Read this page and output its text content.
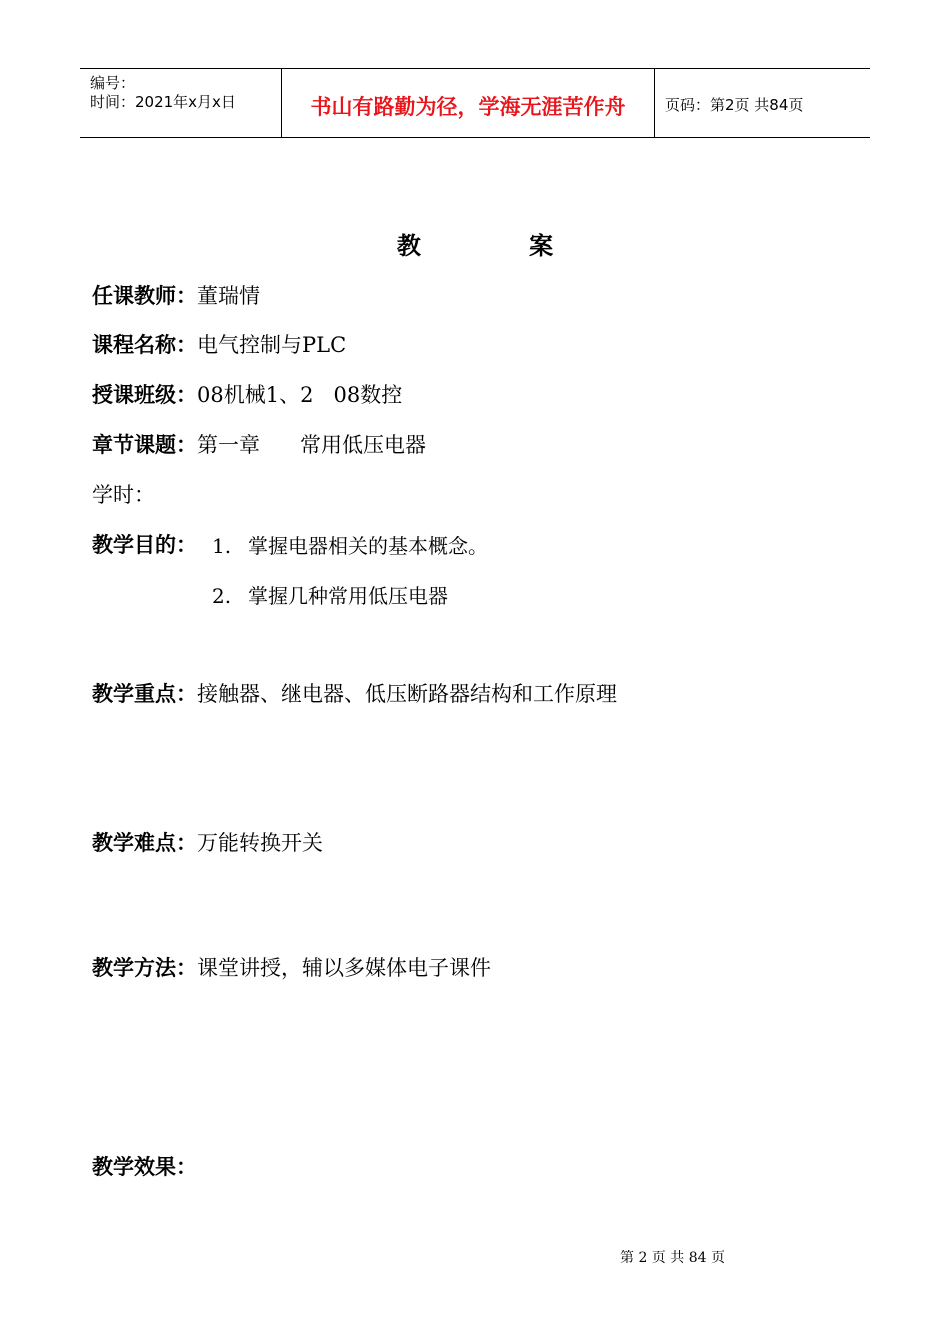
编号：
时间：2021年x月x日	书山有路勤为径，学海无涯苦作舟	页码：第2页 共84页
教 案
任课教师：董瑞情
课程名称：电气控制与PLC
授课班级：08机械1、2   08数控
章节课题：第一章      常用低压电器
学时：
教学目的： 1. 掌握电器相关的基本概念。
2. 掌握几种常用低压电器
教学重点：接触器、继电器、低压断路器结构和工作原理
教学难点：万能转换开关
教学方法：课堂讲授，辅以多媒体电子课件
教学效果：
第 2 页 共 84 页
